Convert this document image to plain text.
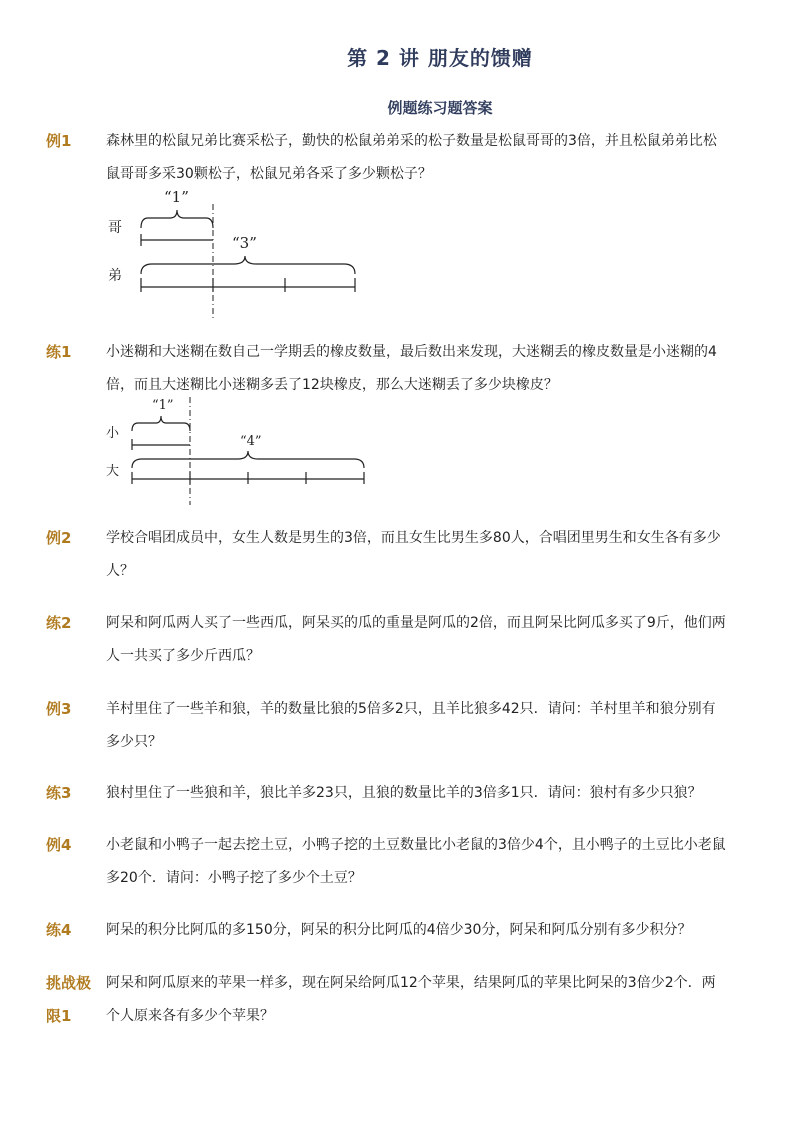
第 2 讲 朋友的馈赠
例题练习题答案
例1 森林里的松鼠兄弟比赛采松子，勤快的松鼠弟弟采的松子数量是松鼠哥哥的3倍，并且松鼠弟弟比松鼠哥哥多采30颗松子，松鼠兄弟各采了多少颗松子？
哥
弟
“1”
“3”
练1 小迷糊和大迷糊在数自己一学期丢的橡皮数量，最后数出来发现，大迷糊丢的橡皮数量是小迷糊的4倍，而且大迷糊比小迷糊多丢了12块橡皮，那么大迷糊丢了多少块橡皮？
小
大
“1”
“4”
例2 学校合唱团成员中，女生人数是男生的3倍，而且女生比男生多80人，合唱团里男生和女生各有多少人？
练2 阿呆和阿瓜两人买了一些西瓜，阿呆买的瓜的重量是阿瓜的2倍，而且阿呆比阿瓜多买了9斤，他们两人一共买了多少斤西瓜？
例3 羊村里住了一些羊和狼，羊的数量比狼的5倍多2只，且羊比狼多42只．请问：羊村里羊和狼分别有多少只？
练3 狼村里住了一些狼和羊，狼比羊多23只，且狼的数量比羊的3倍多1只．请问：狼村有多少只狼？
例4 小老鼠和小鸭子一起去挖土豆，小鸭子挖的土豆数量比小老鼠的3倍少4个，且小鸭子的土豆比小老鼠多20个．请问：小鸭子挖了多少个土豆？
练4 阿呆的积分比阿瓜的多150分，阿呆的积分比阿瓜的4倍少30分，阿呆和阿瓜分别有多少积分？
挑战极限1
阿呆和阿瓜原来的苹果一样多，现在阿呆给阿瓜12个苹果，结果阿瓜的苹果比阿呆的3倍少2个．两个人原来各有多少个苹果？
